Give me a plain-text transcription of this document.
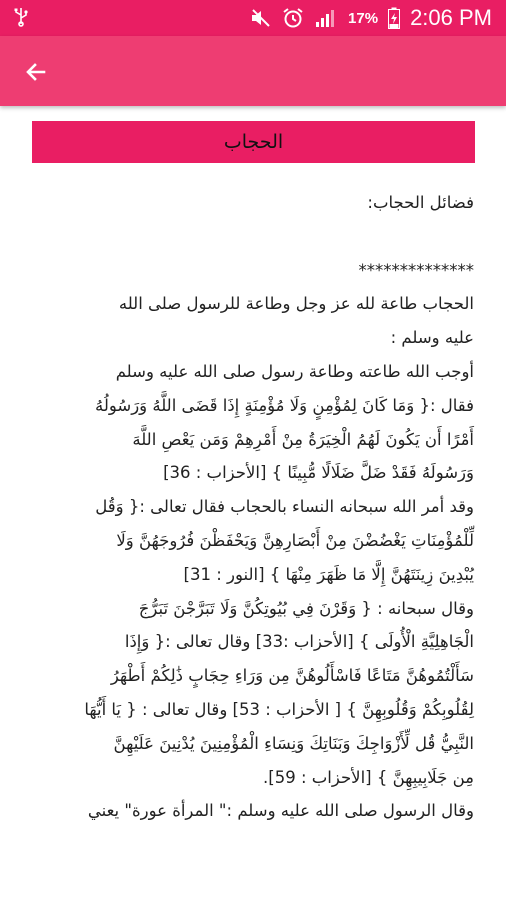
17% 2:06 PM
الحجاب

فضائل الحجاب:

**************

الحجاب طاعة لله عز وجل وطاعة للرسول صلى الله

عليه وسلم :

أوجب الله طاعته وطاعة رسول صلى الله عليه وسلم

فقال :{ وَمَا كَانَ لِمُؤْمِنٍ وَلَا مُؤْمِنَةٍ إِذَا قَضَى اللَّهُ وَرَسُولُهُ

أَمْرًا أَن يَكُونَ لَهُمُ الْخِيَرَةُ مِنْ أَمْرِهِمْ وَمَن يَعْصِ اللَّهَ

وَرَسُولَهُ فَقَدْ ضَلَّ ضَلَالًا مُّبِينًا } [الأحزاب : 36]

وقد أمر الله سبحانه النساء بالحجاب فقال تعالى :{ وَقُل

لِّلْمُؤْمِنَاتِ يَغْضُضْنَ مِنْ أَبْصَارِهِنَّ وَيَحْفَظْنَ فُرُوجَهُنَّ وَلَا

يُبْدِينَ زِينَتَهُنَّ إِلَّا مَا ظَهَرَ مِنْهَا } [النور : 31]

وقال سبحانه : { وَقَرْنَ فِي بُيُوتِكُنَّ وَلَا تَبَرَّجْنَ تَبَرُّجَ

الْجَاهِلِيَّةِ الْأُولَى } [الأحزاب :33] وقال تعالى :{ وَإِذَا

سَأَلْتُمُوهُنَّ مَتَاعًا فَاسْأَلُوهُنَّ مِن وَرَاءِ حِجَابٍ ذَٰلِكُمْ أَطْهَرُ

لِقُلُوبِكُمْ وَقُلُوبِهِنَّ } [ الأحزاب : 53] وقال تعالى : { يَا أَيُّهَا

النَّبِيُّ قُل لِّأَزْوَاجِكَ وَبَنَاتِكَ وَنِسَاءِ الْمُؤْمِنِينَ يُدْنِينَ عَلَيْهِنَّ

مِن جَلَابِيبِهِنَّ } [الأحزاب : 59].

وقال الرسول صلى الله عليه وسلم :" المرأة عورة" يعني
